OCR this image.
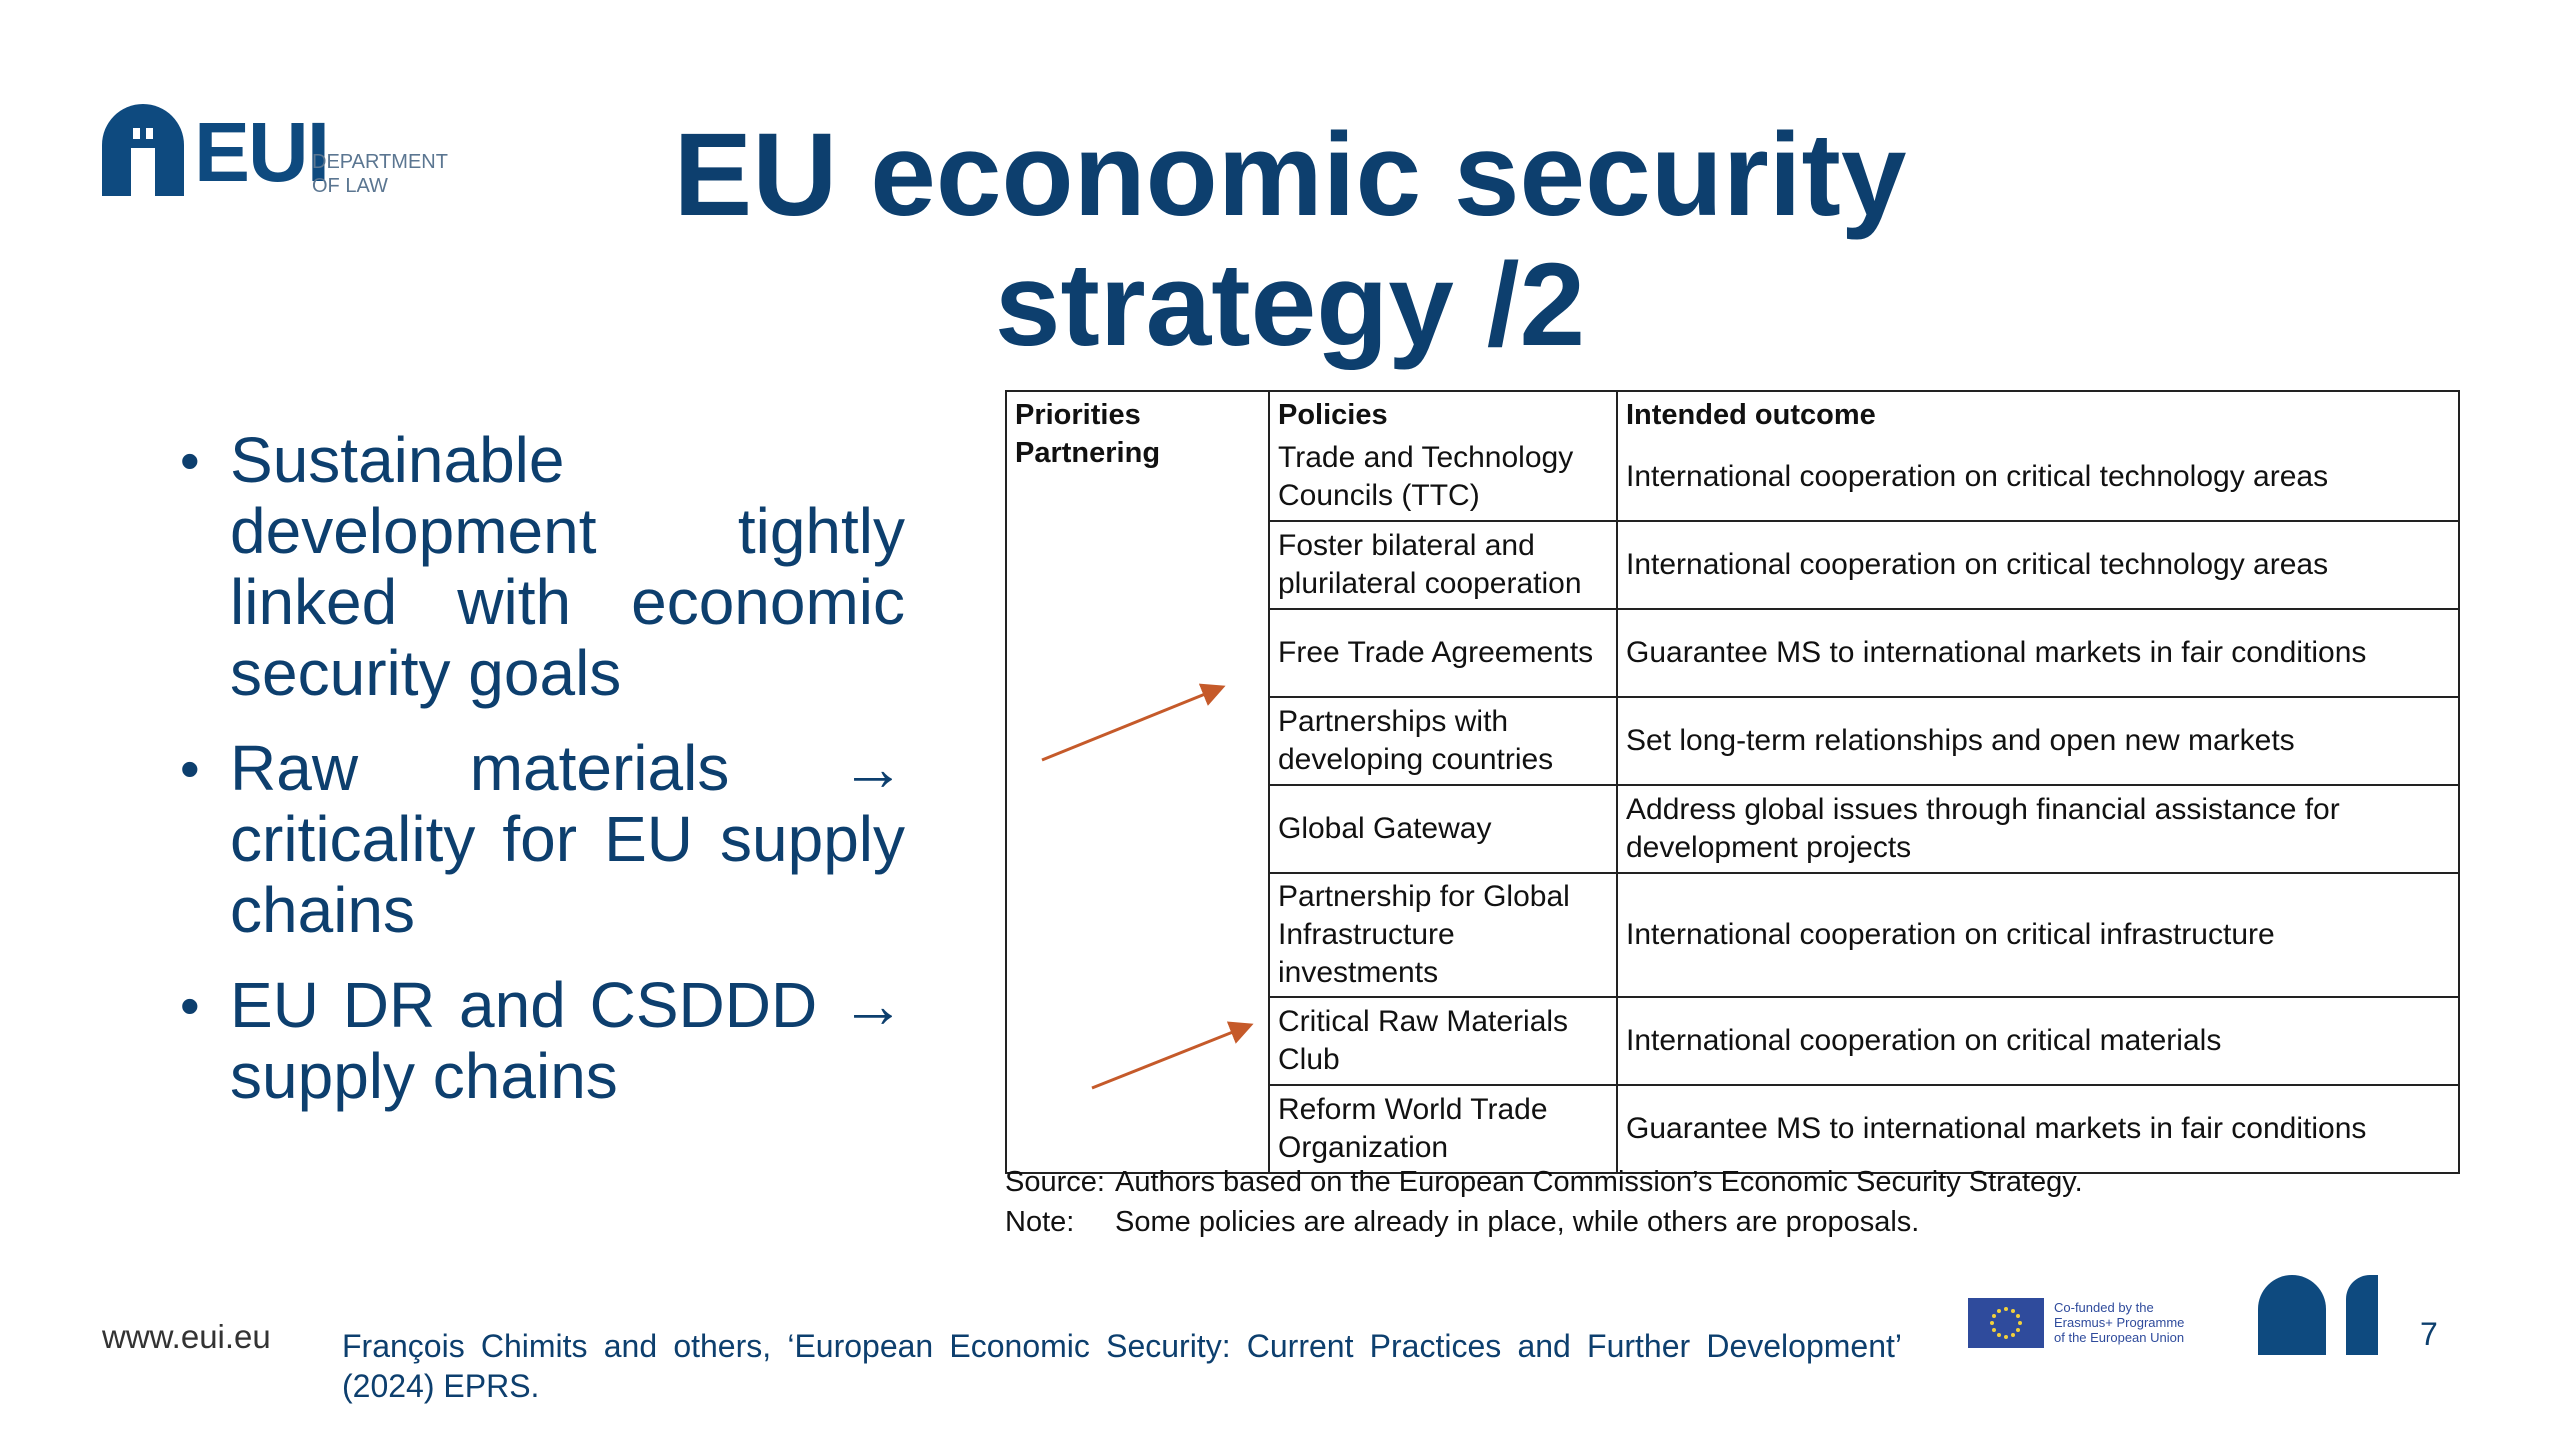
EUI
DEPARTMENT
OF LAW	EU economic security
strategy /2
• Sustainable development tightly linked with economic security goals
• Raw materials → criticality for EU supply chains
• EU DR and CSDDD → supply chains
Priorities	Policies	Intended outcome
Partnering	Trade and Technology Councils (TTC)	International cooperation on critical technology areas
	Foster bilateral and plurilateral cooperation	International cooperation on critical technology areas
	Free Trade Agreements	Guarantee MS to international markets in fair conditions
	Partnerships with developing countries	Set long-term relationships and open new markets
	Global Gateway	Address global issues through financial assistance for development projects
	Partnership for Global Infrastructure investments	International cooperation on critical infrastructure
	Critical Raw Materials Club	International cooperation on critical materials
	Reform World Trade Organization	Guarantee MS to international markets in fair conditions
Source: Authors based on the European Commission’s Economic Security Strategy.
Note: Some policies are already in place, while others are proposals.
www.eui.eu François Chimits and others, ‘European Economic Security: Current Practices and Further Development’ (2024) EPRS.
Co-funded by the
Erasmus+ Programme
of the European Union	7
